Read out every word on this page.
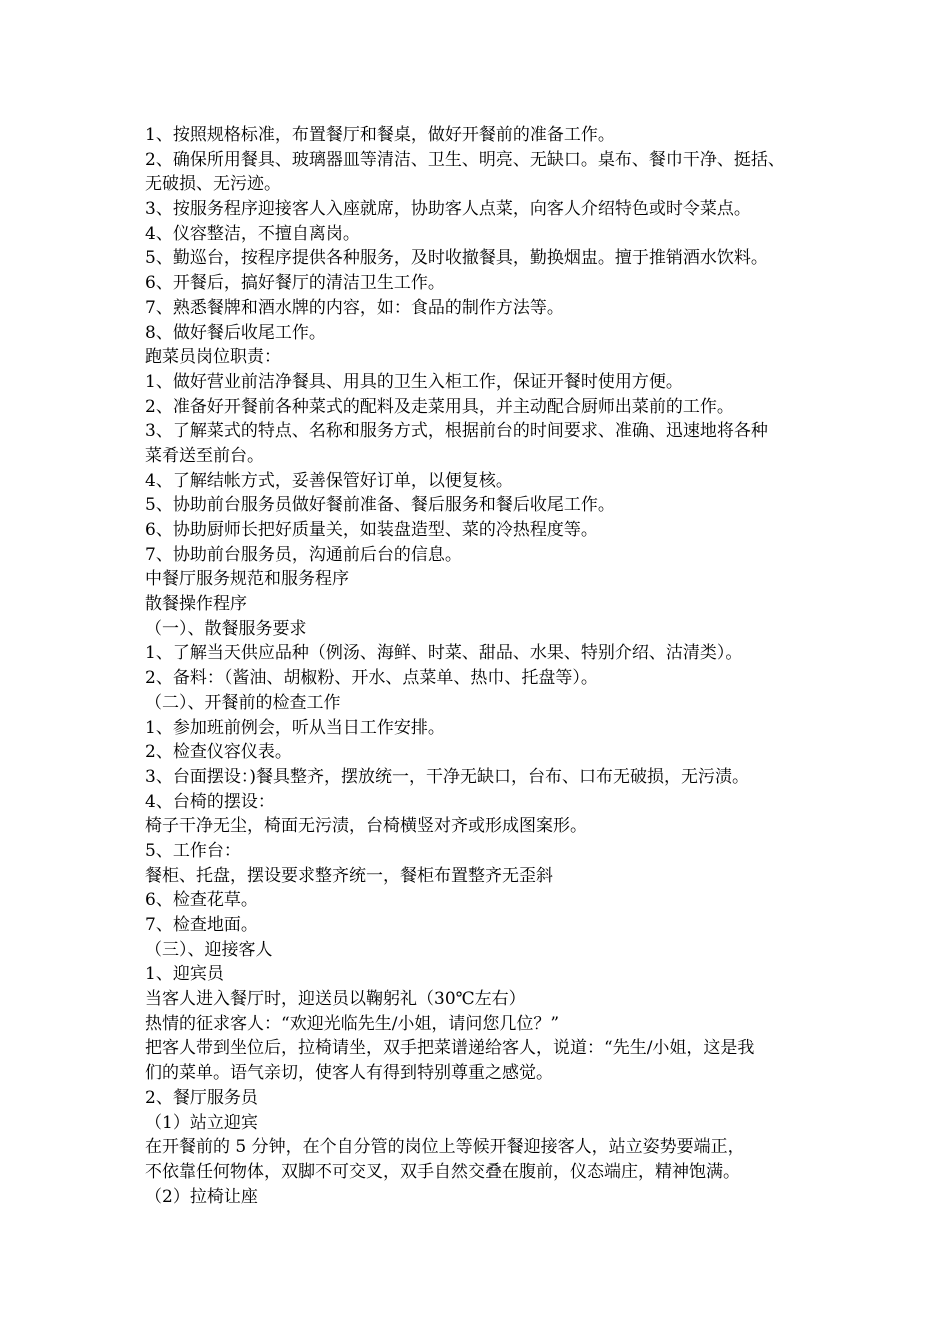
1、按照规格标准，布置餐厅和餐桌，做好开餐前的准备工作。
2、确保所用餐具、玻璃器皿等清洁、卫生、明亮、无缺口。桌布、餐巾干净、挺括、
无破损、无污迹。
3、按服务程序迎接客人入座就席，协助客人点菜，向客人介绍特色或时令菜点。
4、仪容整洁，不擅自离岗。
5、勤巡台，按程序提供各种服务，及时收撤餐具，勤换烟盅。擅于推销酒水饮料。
6、开餐后，搞好餐厅的清洁卫生工作。
7、熟悉餐牌和酒水牌的内容，如：食品的制作方法等。
8、做好餐后收尾工作。
跑菜员岗位职责：
1、做好营业前洁净餐具、用具的卫生入柜工作，保证开餐时使用方便。
2、准备好开餐前各种菜式的配料及走菜用具，并主动配合厨师出菜前的工作。
3、了解菜式的特点、名称和服务方式，根据前台的时间要求、准确、迅速地将各种
菜肴送至前台。
4、了解结帐方式，妥善保管好订单，以便复核。
5、协助前台服务员做好餐前准备、餐后服务和餐后收尾工作。
6、协助厨师长把好质量关，如装盘造型、菜的冷热程度等。
7、协助前台服务员，沟通前后台的信息。
中餐厅服务规范和服务程序
散餐操作程序
（一）、散餐服务要求
1、了解当天供应品种（例汤、海鲜、时菜、甜品、水果、特别介绍、沽清类）。
2、备料：（酱油、胡椒粉、开水、点菜单、热巾、托盘等）。
（二）、开餐前的检查工作
1、参加班前例会，听从当日工作安排。
2、检查仪容仪表。
3、台面摆设：)餐具整齐，摆放统一，干净无缺口，台布、口布无破损，无污渍。
4、台椅的摆设：
椅子干净无尘，椅面无污渍，台椅横竖对齐或形成图案形。
5、工作台：
餐柜、托盘，摆设要求整齐统一，餐柜布置整齐无歪斜
6、检查花草。
7、检查地面。
（三）、迎接客人
1、迎宾员
当客人进入餐厅时，迎送员以鞠躬礼（30℃左右）
热情的征求客人：“欢迎光临先生/小姐，请问您几位？”
把客人带到坐位后，拉椅请坐，双手把菜谱递给客人，说道：“先生/小姐，这是我
们的菜单。语气亲切，使客人有得到特别尊重之感觉。
2、餐厅服务员
（1）站立迎宾
在开餐前的 5 分钟，在个自分管的岗位上等候开餐迎接客人，站立姿势要端正，
不依靠任何物体，双脚不可交叉，双手自然交叠在腹前，仪态端庄，精神饱满。
（2）拉椅让座
